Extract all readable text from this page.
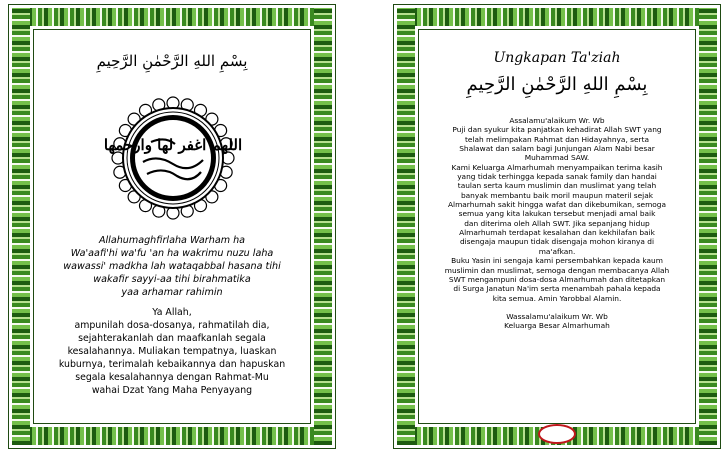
بِسْمِ اللهِ الرَّحْمٰنِ الرَّحِيمِ
اللهم اغفر لها وارحمها
Allahumaghfirlaha Warham ha
Wa'aafi'hi wa'fu 'an ha wakrimu nuzu laha
wawassi' madkha lah wataqabbal hasana tihi
wakafir sayyi-aa tihi birahmatika
yaa arhamar rahimin
Ya Allah,
ampunilah dosa-dosanya, rahmatilah dia,
sejahterakanlah dan maafkanlah segala
kesalahannya. Muliakan tempatnya, luaskan
kuburnya, terimalah kebaikannya dan hapuskan
segala kesalahannya dengan Rahmat-Mu
wahai Dzat Yang Maha Penyayang
Ungkapan Ta'ziah
بِسْمِ اللهِ الرَّحْمٰنِ الرَّحِيمِ

Assalamu'alaikum Wr. Wb

Puji dan syukur kita panjatkan kehadirat Allah SWT yang

telah melimpakan Rahmat dan Hidayahnya, serta

Shalawat dan salam bagi Junjungan Alam Nabi besar

Muhammad SAW.

Kami Keluarga Almarhumah menyampaikan terima kasih

yang tidak terhingga kepada sanak family dan handai

taulan serta kaum muslimin dan muslimat yang telah

banyak membantu baik moril maupun materil sejak

Almarhumah sakit hingga wafat dan dikebumikan, semoga

semua yang kita lakukan tersebut menjadi amal baik

dan diterima oleh Allah SWT. Jika sepanjang hidup

Almarhumah terdapat kesalahan dan kekhilafan baik

disengaja maupun tidak disengaja mohon kiranya di

ma'afkan.

Buku Yasin ini sengaja kami persembahkan kepada kaum

muslimin dan muslimat, semoga dengan membacanya Allah

SWT mengampuni dosa-dosa Almarhumah dan ditetapkan

di Surga Janatun Na'im serta menambah pahala kepada

kita semua. Amin Yarobbal Alamin.

Wassalamu'alaikum Wr. Wb

Keluarga Besar Almarhumah
